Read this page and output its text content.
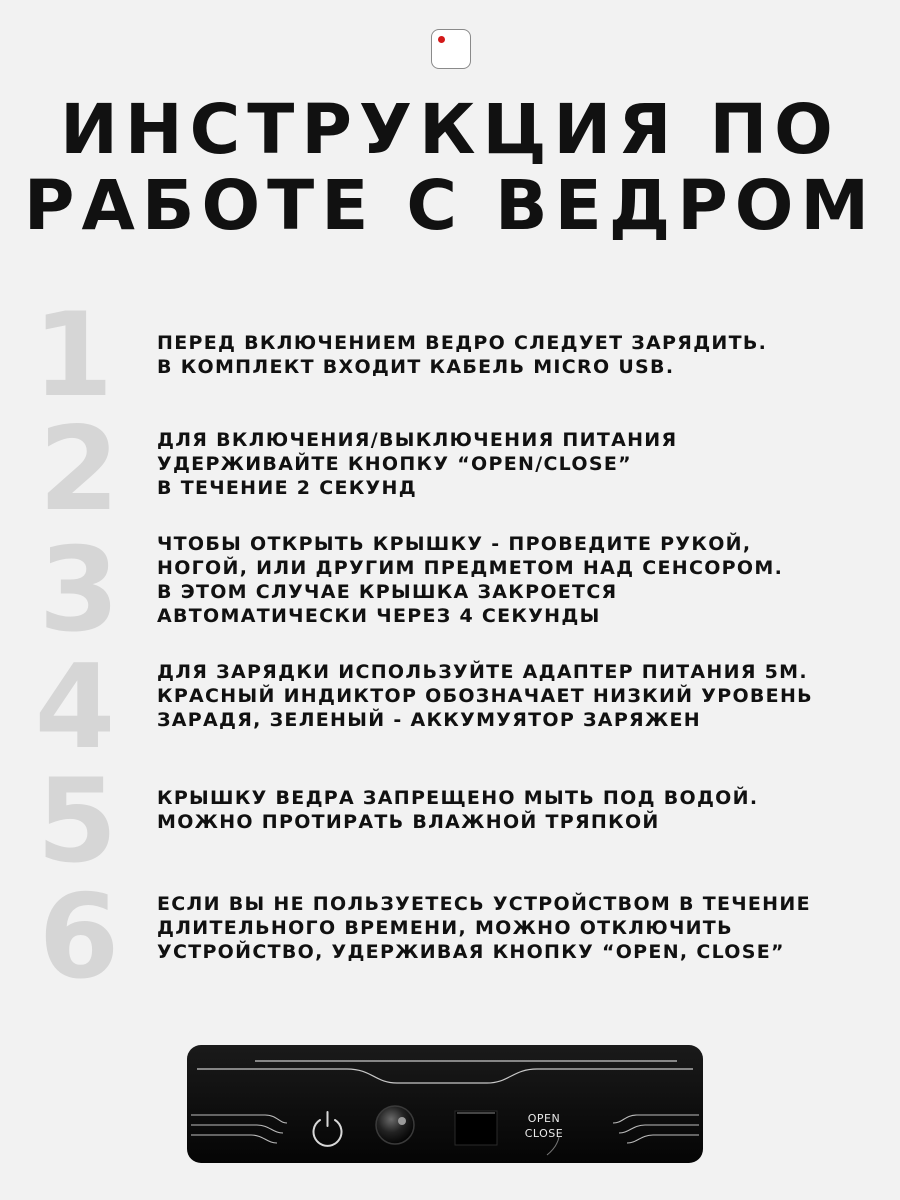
ИНСТРУКЦИЯ ПО
РАБОТЕ С ВЕДРОМ
1	ПЕРЕД ВКЛЮЧЕНИЕМ ВЕДРО СЛЕДУЕТ ЗАРЯДИТЬ.
В КОМПЛЕКТ ВХОДИТ КАБЕЛЬ MICRO USB.
2	ДЛЯ ВКЛЮЧЕНИЯ/ВЫКЛЮЧЕНИЯ ПИТАНИЯ
УДЕРЖИВАЙТЕ КНОПКУ “OPEN/CLOSE”
В ТЕЧЕНИЕ 2 СЕКУНД
3	ЧТОБЫ ОТКРЫТЬ КРЫШКУ - ПРОВЕДИТЕ РУКОЙ,
НОГОЙ, ИЛИ ДРУГИМ ПРЕДМЕТОМ НАД СЕНСОРОМ.
В ЭТОМ СЛУЧАЕ КРЫШКА ЗАКРОЕТСЯ
АВТОМАТИЧЕСКИ ЧЕРЕЗ 4 СЕКУНДЫ
4	ДЛЯ ЗАРЯДКИ ИСПОЛЬЗУЙТЕ АДАПТЕР ПИТАНИЯ 5М.
КРАСНЫЙ ИНДИКТОР ОБОЗНАЧАЕТ НИЗКИЙ УРОВЕНЬ
ЗАРАДЯ, ЗЕЛЕНЫЙ - АККУМУЯТОР ЗАРЯЖЕН
5	КРЫШКУ ВЕДРА ЗАПРЕЩЕНО МЫТЬ ПОД ВОДОЙ.
МОЖНО ПРОТИРАТЬ ВЛАЖНОЙ ТРЯПКОЙ
6	ЕСЛИ ВЫ НЕ ПОЛЬЗУЕТЕСЬ УСТРОЙСТВОМ В ТЕЧЕНИЕ
ДЛИТЕЛЬНОГО ВРЕМЕНИ, МОЖНО ОТКЛЮЧИТЬ
УСТРОЙСТВО, УДЕРЖИВАЯ КНОПКУ “OPEN, CLOSE”
OPEN
CLOSE
